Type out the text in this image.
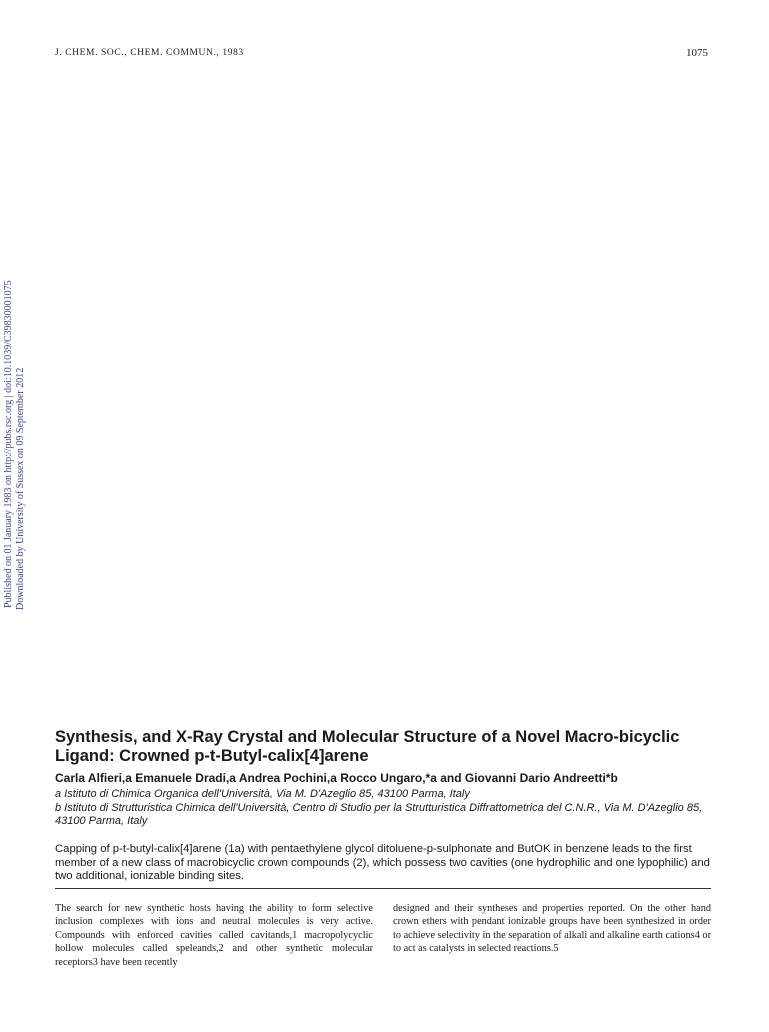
J. CHEM. SOC., CHEM. COMMUN., 1983	1075
Published on 01 January 1983 on http://pubs.rsc.org | doi:10.1039/C39830001075 Downloaded by University of Sussex on 09 September 2012
Synthesis, and X-Ray Crystal and Molecular Structure of a Novel Macro-bicyclic Ligand: Crowned p-t-Butyl-calix[4]arene
Carla Alfieri,a Emanuele Dradi,a Andrea Pochini,a Rocco Ungaro,*a and Giovanni Dario Andreetti*b
a Istituto di Chimica Organica dell'Università, Via M. D'Azeglio 85, 43100 Parma, Italy
b Istituto di Strutturistica Chimica dell'Università, Centro di Studio per la Strutturistica Diffrattometrica del C.N.R., Via M. D'Azeglio 85, 43100 Parma, Italy
Capping of p-t-butyl-calix[4]arene (1a) with pentaethylene glycol ditoluene-p-sulphonate and ButOK in benzene leads to the first member of a new class of macrobicyclic crown compounds (2), which possess two cavities (one hydrophilic and one lypophilic) and two additional, ionizable binding sites.
The search for new synthetic hosts having the ability to form selective inclusion complexes with ions and neutral molecules is very active. Compounds with enforced cavities called cavitands,1 macropolycyclic hollow molecules called speleands,2 and other synthetic molecular receptors3 have been recently
designed and their syntheses and properties reported. On the other hand crown ethers with pendant ionizable groups have been synthesized in order to achieve selectivity in the separation of alkali and alkaline earth cations4 or to act as catalysts in selected reactions.5
